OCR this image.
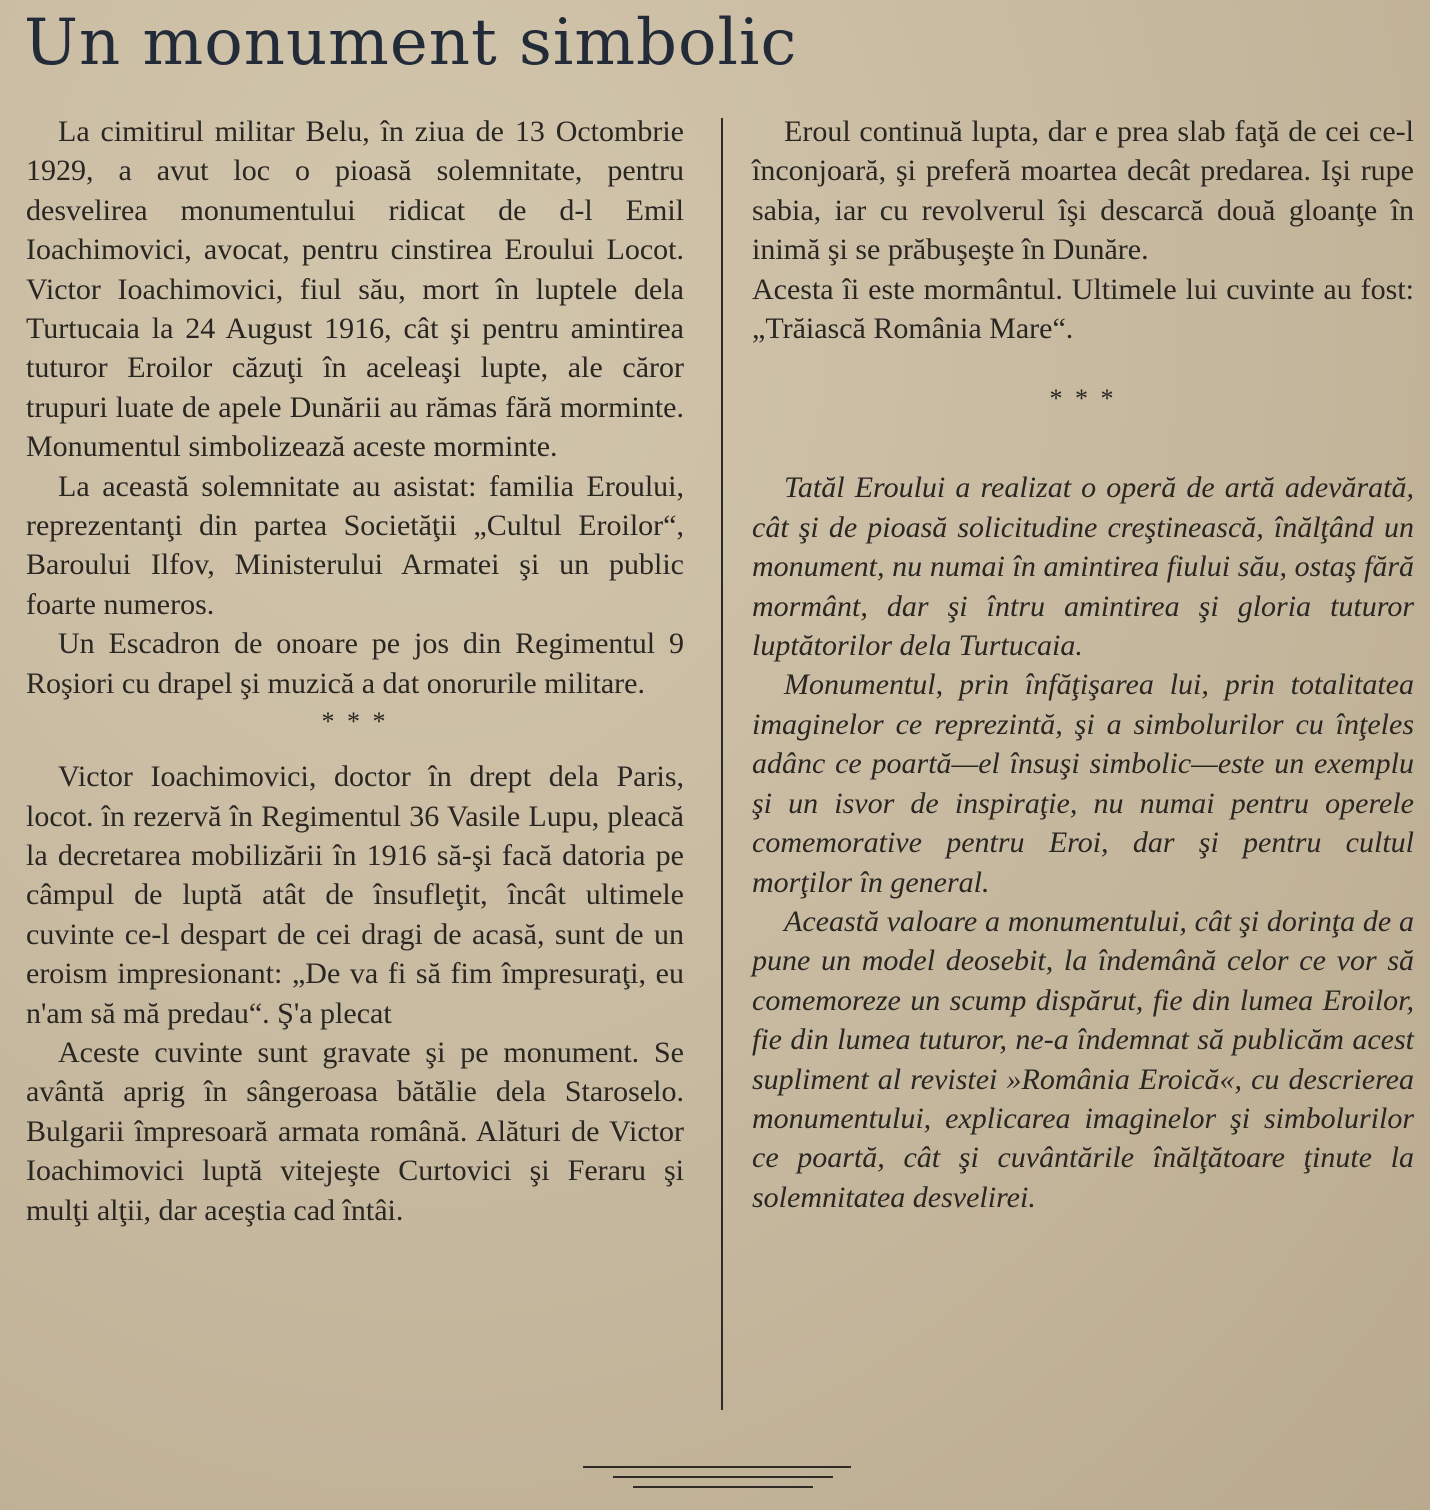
Un monument simbolic

La cimitirul militar Belu, în ziua de 13 Octombrie 1929, a avut loc o pioasă solemnitate, pentru desvelirea monumentului ridicat de d-l Emil Ioachimovici, avocat, pentru cinstirea Eroului Locot. Victor Ioachimovici, fiul său, mort în luptele dela Turtucaia la 24 August 1916, cât şi pentru amintirea tuturor Eroilor căzuţi în aceleaşi lupte, ale căror trupuri luate de apele Dunării au rămas fără morminte. Monumentul simbolizează aceste morminte.

La această solemnitate au asistat: familia Eroului, reprezentanţi din partea Societăţii „Cultul Eroilor“, Baroului Ilfov, Ministerului Armatei şi un public foarte numeros.

Un Escadron de onoare pe jos din Regimentul 9 Roşiori cu drapel şi muzică a dat onorurile militare.

* * *

Victor Ioachimovici, doctor în drept dela Paris, locot. în rezervă în Regimentul 36 Vasile Lupu, pleacă la decretarea mobilizării în 1916 să-şi facă datoria pe câmpul de luptă atât de însufleţit, încât ultimele cuvinte ce-l despart de cei dragi de acasă, sunt de un eroism impresionant: „De va fi să fim împresuraţi, eu n'am să mă predau“. Ş'a plecat

Aceste cuvinte sunt gravate şi pe monument. Se avântă aprig în sângeroasa bătălie dela Staroselo. Bulgarii împresoară armata română. Alături de Victor Ioachimovici luptă vitejeşte Curtovici şi Feraru şi mulţi alţii, dar aceştia cad întâi.

Eroul continuă lupta, dar e prea slab faţă de cei ce-l înconjoară, şi preferă moartea decât predarea. Işi rupe sabia, iar cu revolverul îşi descarcă două gloanţe în inimă şi se prăbuşeşte în Dunăre.

Acesta îi este mormântul. Ultimele lui cuvinte au fost: „Trăiască România Mare“.

* * *

Tatăl Eroului a realizat o operă de artă adevărată, cât şi de pioasă solicitudine creştinească, înălţând un monument, nu numai în amintirea fiului său, ostaş fără mormânt, dar şi întru amintirea şi gloria tuturor luptătorilor dela Turtucaia.

Monumentul, prin înfăţişarea lui, prin totalitatea imaginelor ce reprezintă, şi a simbolurilor cu înţeles adânc ce poartă—el însuşi simbolic—este un exemplu şi un isvor de inspiraţie, nu numai pentru operele comemorative pentru Eroi, dar şi pentru cultul morţilor în general.

Această valoare a monumentului, cât şi dorinţa de a pune un model deosebit, la îndemână celor ce vor să comemoreze un scump dispărut, fie din lumea Eroilor, fie din lumea tuturor, ne-a îndemnat să publicăm acest supliment al revistei »România Eroică«, cu descrierea monumentului, explicarea imaginelor şi simbolurilor ce poartă, cât şi cuvântările înălţătoare ţinute la solemnitatea desvelirei.
